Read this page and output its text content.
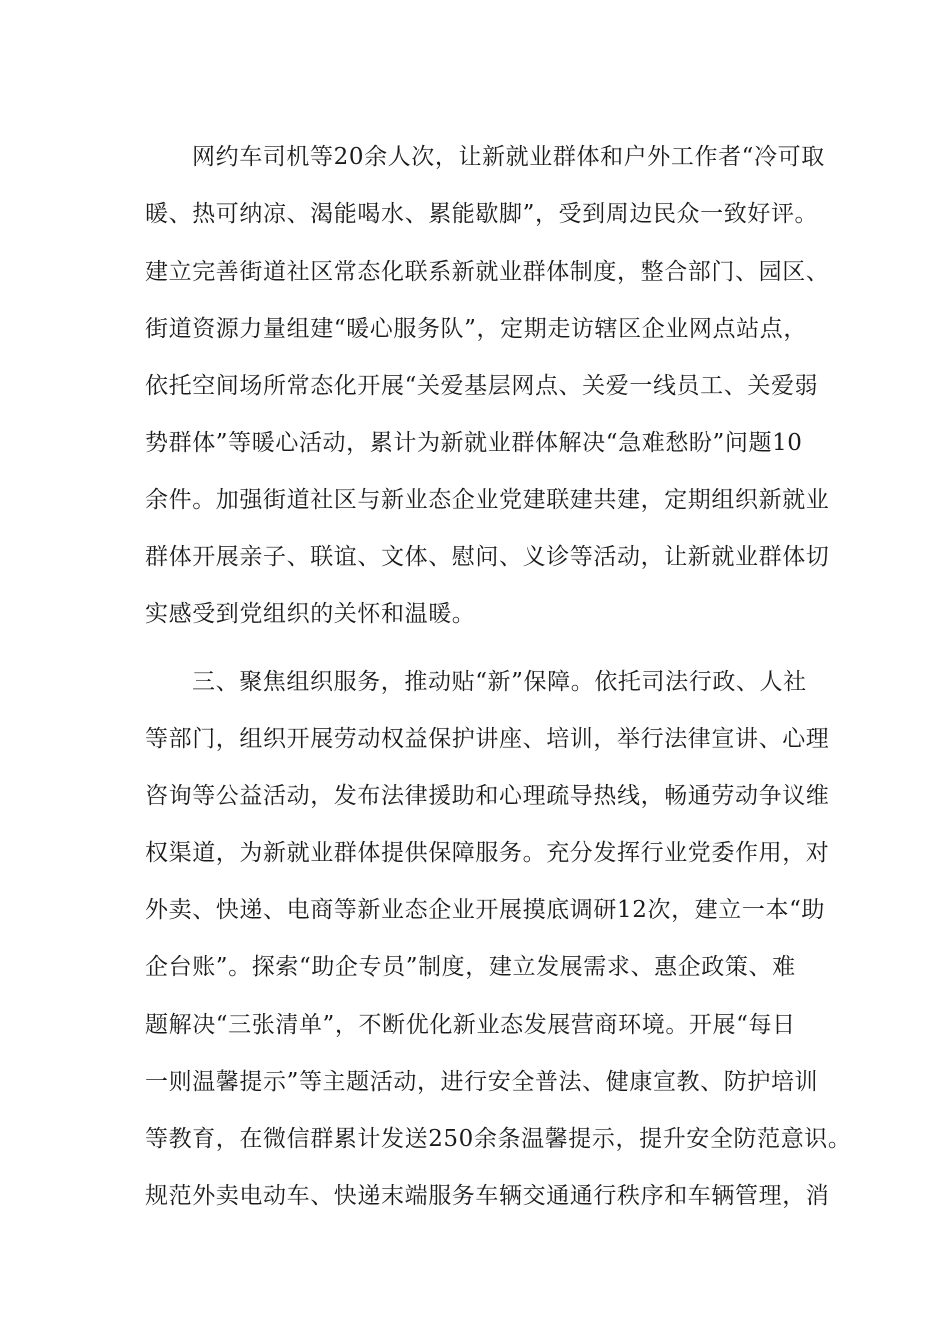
网约车司机等20余人次，让新就业群体和户外工作者“冷可取
暖、热可纳凉、渴能喝水、累能歇脚”，受到周边民众一致好评。
建立完善街道社区常态化联系新就业群体制度，整合部门、园区、
街道资源力量组建“暖心服务队”，定期走访辖区企业网点站点，
依托空间场所常态化开展“关爱基层网点、关爱一线员工、关爱弱
势群体”等暖心活动，累计为新就业群体解决“急难愁盼”问题10
余件。加强街道社区与新业态企业党建联建共建，定期组织新就业
群体开展亲子、联谊、文体、慰问、义诊等活动，让新就业群体切
实感受到党组织的关怀和温暖。
三、聚焦组织服务，推动贴“新”保障。依托司法行政、人社
等部门，组织开展劳动权益保护讲座、培训，举行法律宣讲、心理
咨询等公益活动，发布法律援助和心理疏导热线，畅通劳动争议维
权渠道，为新就业群体提供保障服务。充分发挥行业党委作用，对
外卖、快递、电商等新业态企业开展摸底调研12次，建立一本“助
企台账”。探索“助企专员”制度，建立发展需求、惠企政策、难
题解决“三张清单”，不断优化新业态发展营商环境。开展“每日
一则温馨提示”等主题活动，进行安全普法、健康宣教、防护培训
等教育，在微信群累计发送250余条温馨提示，提升安全防范意识。
规范外卖电动车、快递末端服务车辆交通通行秩序和车辆管理，消
